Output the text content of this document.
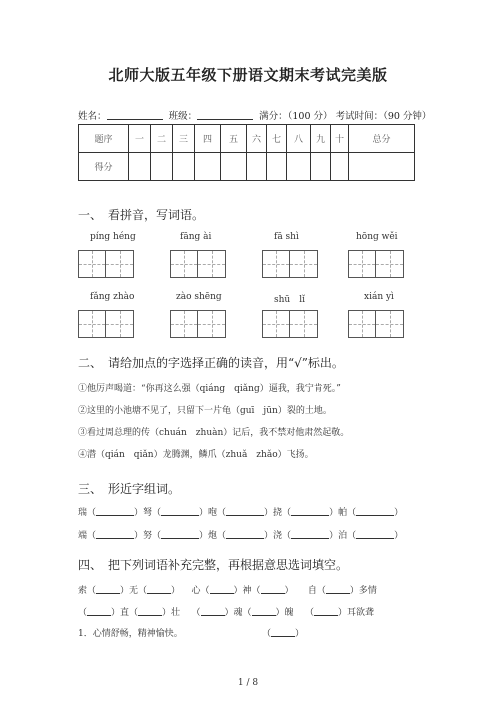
北师大版五年级下册语文期末考试完美版
姓名：	班级：	满分：（100 分） 考试时间：（90 分钟）
题序	一	二	三	四	五	六	七	八	九	十	总分
得分											
一、　看拼音，写词语。
píng héng	fāng ài	fā shì	hōng wěi
fǎng zhào	zào shēng	shū　lǐ	xián yì
二、　请给加点的字选择正确的读音，用“√”标出。
①他厉声喝道：“你再这么强（qiáng　qiǎng）逼我，我宁肯死。”
②这里的小池塘不见了，只留下一片龟（guī　jūn）裂的土地。
③看过周总理的传（chuán　zhuàn）记后，我不禁对他肃然起敬。
④潜（qián　qiǎn）龙腾渊，鳞爪（zhuǎ　zhǎo）飞扬。
三、　形近字组词。
瑞（	）弩（	）咆（	）挠（	）帕（	）
端（	）努（	）炮（	）浇（	）泊（	）
四、　把下列词语补充完整，再根据意思选词填空。
索（	）无（	） 心（	）神（	） 自（	）多情
（	）直（	）壮 （	）魂（	）魄 （	）耳欲聋
1．心情舒畅，精神愉快。	（	）
1 / 8
